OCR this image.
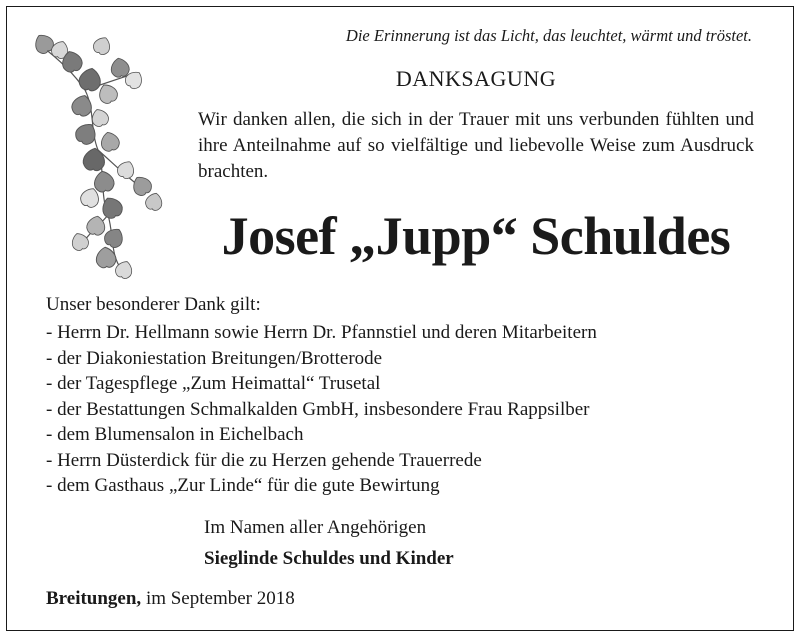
Die Erinnerung ist das Licht, das leuchtet, wärmt und tröstet.
DANKSAGUNG
Wir danken allen, die sich in der Trauer mit uns verbunden fühlten und ihre Anteilnahme auf so vielfältige und liebevolle Weise zum Ausdruck brachten.
Josef „Jupp“ Schuldes
Unser besonderer Dank gilt:
- Herrn Dr. Hellmann sowie Herrn Dr. Pfannstiel und deren Mitarbeitern
- der Diakoniestation Breitungen/Brotterode
- der Tagespflege „Zum Heimattal“ Trusetal
- der Bestattungen Schmalkalden GmbH, insbesondere Frau Rappsilber
- dem Blumensalon in Eichelbach
- Herrn Düsterdick für die zu Herzen gehende Trauerrede
- dem Gasthaus „Zur Linde“ für die gute Bewirtung
Im Namen aller Angehörigen
Sieglinde Schuldes und Kinder
Breitungen, im September 2018
